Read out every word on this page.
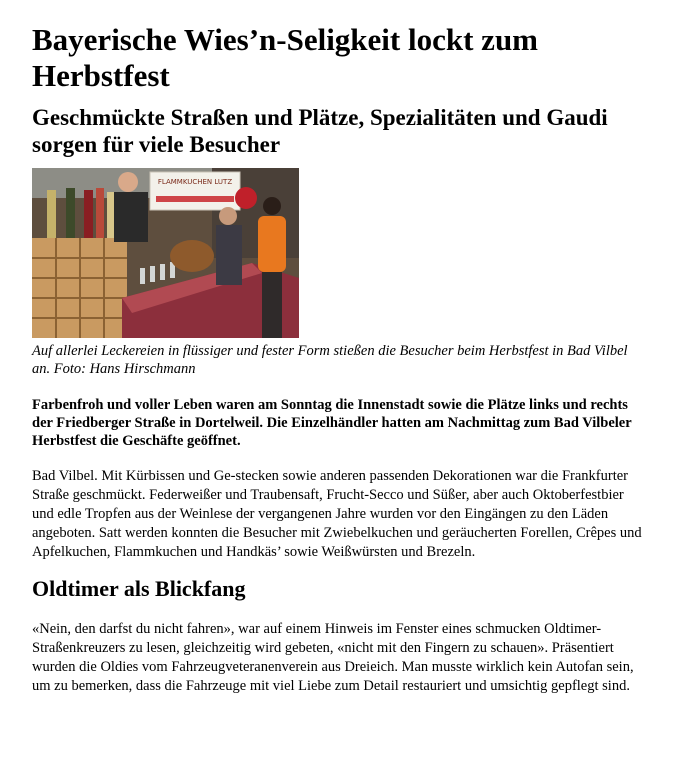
Bayerische Wies’n-Seligkeit lockt zum Herbstfest
Geschmückte Straßen und Plätze, Spezialitäten und Gaudi sorgen für viele Besucher
FLAMMKUCHEN LUTZ

Auf allerlei Leckereien in flüssiger und fester Form stießen die Besucher beim Herbstfest in Bad Vilbel an. Foto: Hans Hirschmann

Farbenfroh und voller Leben waren am Sonntag die Innenstadt sowie die Plätze links und rechts der Friedberger Straße in Dortelweil. Die Einzelhändler hatten am Nachmittag zum Bad Vilbeler Herbstfest die Geschäfte geöffnet.

Bad Vilbel. Mit Kürbissen und Ge-stecken sowie anderen passenden Dekorationen war die Frankfurter Straße geschmückt. Federweißer und Traubensaft, Frucht-Secco und Süßer, aber auch Oktoberfestbier und edle Tropfen aus der Weinlese der vergangenen Jahre wurden vor den Eingängen zu den Läden angeboten. Satt werden konnten die Besucher mit Zwiebelkuchen und geräucherten Forellen, Crêpes und Apfelkuchen, Flammkuchen und Handkäs’ sowie Weißwürsten und Brezeln.

Oldtimer als Blickfang

«Nein, den darfst du nicht fahren», war auf einem Hinweis im Fenster eines schmucken Oldtimer-Straßenkreuzers zu lesen, gleichzeitig wird gebeten, «nicht mit den Fingern zu schauen». Präsentiert wurden die Oldies vom Fahrzeugveteranenverein aus Dreieich. Man musste wirklich kein Autofan sein, um zu bemerken, dass die Fahrzeuge mit viel Liebe zum Detail restauriert und umsichtig gepflegt sind.
